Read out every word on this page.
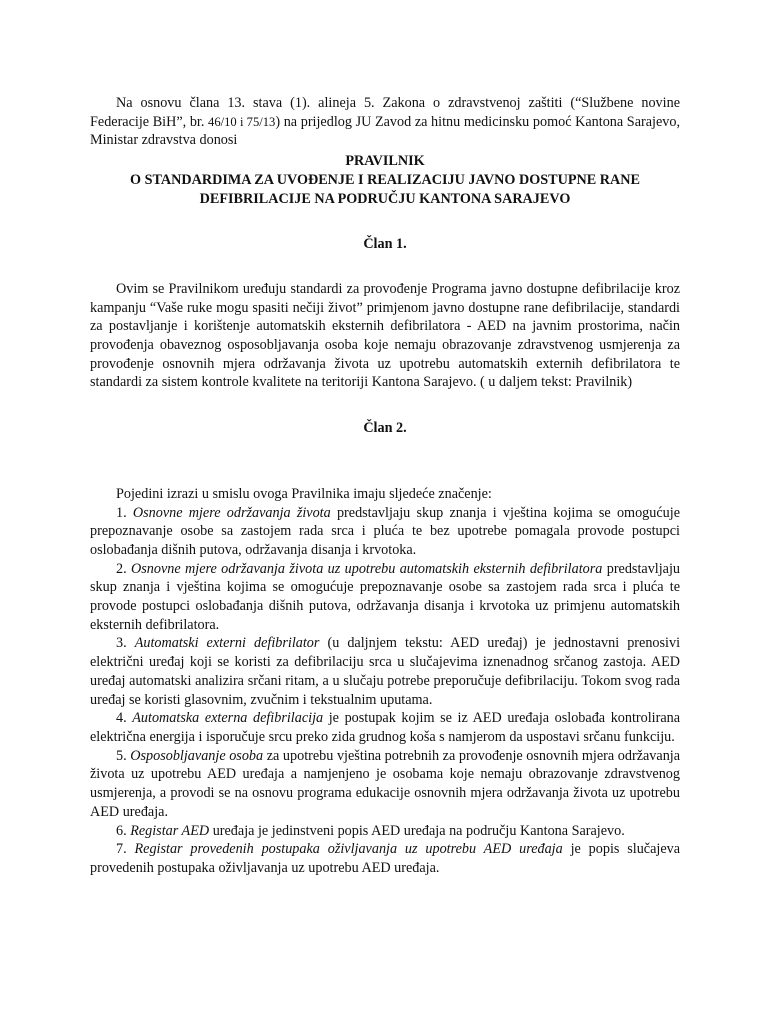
Na osnovu člana 13. stava (1). alineja 5. Zakona o zdravstvenoj zaštiti (“Službene novine Federacije BiH”, br. 46/10 i 75/13) na prijedlog JU Zavod za hitnu medicinsku pomoć Kantona Sarajevo, Ministar zdravstva donosi

PRAVILNIK

O STANDARDIMA ZA UVOĐENJE I REALIZACIJU JAVNO DOSTUPNE RANE DEFIBRILACIJE NA PODRUČJU KANTONA SARAJEVO

Član 1.

Ovim se Pravilnikom uređuju standardi za provođenje Programa javno dostupne defibrilacije kroz kampanju “Vaše ruke mogu spasiti nečiji život” primjenom javno dostupne rane defibrilacije, standardi za postavljanje i korištenje automatskih eksternih defibrilatora - AED na javnim prostorima, način provođenja obaveznog osposobljavanja osoba koje nemaju obrazovanje zdravstvenog usmjerenja za provođenje osnovnih mjera održavanja života uz upotrebu automatskih externih defibrilatora te standardi za sistem kontrole kvalitete na teritoriji Kantona Sarajevo. ( u daljem tekst: Pravilnik)

Član 2.

Pojedini izrazi u smislu ovoga Pravilnika imaju sljedeće značenje:

1. Osnovne mjere održavanja života predstavljaju skup znanja i vještina kojima se omogućuje prepoznavanje osobe sa zastojem rada srca i pluća te bez upotrebe pomagala provode postupci oslobađanja dišnih putova, održavanja disanja i krvotoka.

2. Osnovne mjere održavanja života uz upotrebu automatskih eksternih defibrilatora predstavljaju skup znanja i vještina kojima se omogućuje prepoznavanje osobe sa zastojem rada srca i pluća te provode postupci oslobađanja dišnih putova, održavanja disanja i krvotoka uz primjenu automatskih eksternih defibrilatora.

3. Automatski externi defibrilator (u daljnjem tekstu: AED uređaj) je jednostavni prenosivi električni uređaj koji se koristi za defibrilaciju srca u slučajevima iznenadnog srčanog zastoja. AED uređaj automatski analizira srčani ritam, a u slučaju potrebe preporučuje defibrilaciju. Tokom svog rada uređaj se koristi glasovnim, zvučnim i tekstualnim uputama.

4. Automatska externa defibrilacija je postupak kojim se iz AED uređaja oslobađa kontrolirana električna energija i isporučuje srcu preko zida grudnog koša s namjerom da uspostavi srčanu funkciju.

5. Osposobljavanje osoba za upotrebu vještina potrebnih za provođenje osnovnih mjera održavanja života uz upotrebu AED uređaja a namjenjeno je osobama koje nemaju obrazovanje zdravstvenog usmjerenja, a provodi se na osnovu programa edukacije osnovnih mjera održavanja života uz upotrebu AED uređaja.

6. Registar AED uređaja je jedinstveni popis AED uređaja na području Kantona Sarajevo.

7. Registar provedenih postupaka oživljavanja uz upotrebu AED uređaja je popis slučajeva provedenih postupaka oživljavanja uz upotrebu AED uređaja.
